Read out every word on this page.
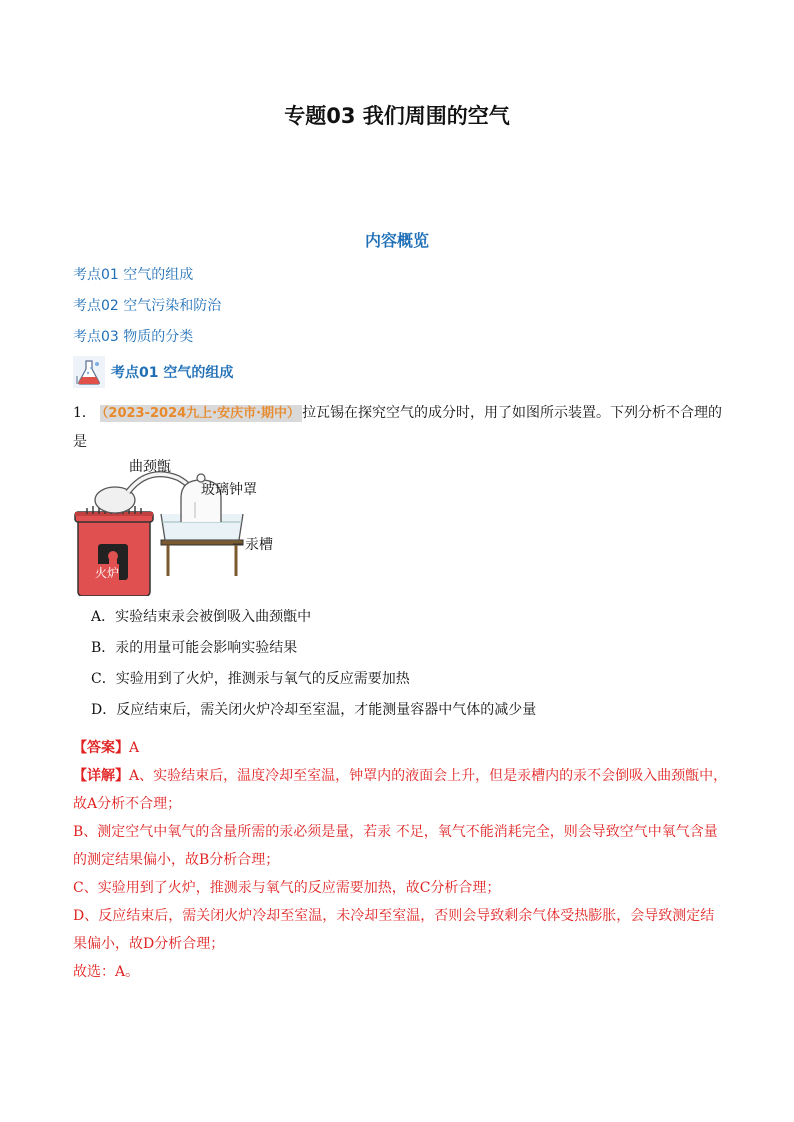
专题03 我们周围的空气
内容概览
考点01 空气的组成
考点02 空气污染和防治
考点03 物质的分类
考点01 空气的组成
1． （2023-2024九上·安庆市·期中） 拉瓦锡在探究空气的成分时，用了如图所示装置。下列分析不合理的是
曲颈甑
玻璃钟罩
汞槽
火炉
A．实验结束汞会被倒吸入曲颈甑中
B．汞的用量可能会影响实验结果
C．实验用到了火炉，推测汞与氧气的反应需要加热
D．反应结束后，需关闭火炉冷却至室温，才能测量容器中气体的减少量

【答案】A

【详解】A、实验结束后，温度冷却至室温，钟罩内的液面会上升，但是汞槽内的汞不会倒吸入曲颈甑中，故A分析不合理；

B、测定空气中氧气的含量所需的汞必须是量，若汞 不足，氧气不能消耗完全，则会导致空气中氧气含量的测定结果偏小，故B分析合理；

C、实验用到了火炉，推测汞与氧气的反应需要加热，故C分析合理；

D、反应结束后，需关闭火炉冷却至室温，未冷却至室温，否则会导致剩余气体受热膨胀，会导致测定结果偏小，故D分析合理；

故选：A。
